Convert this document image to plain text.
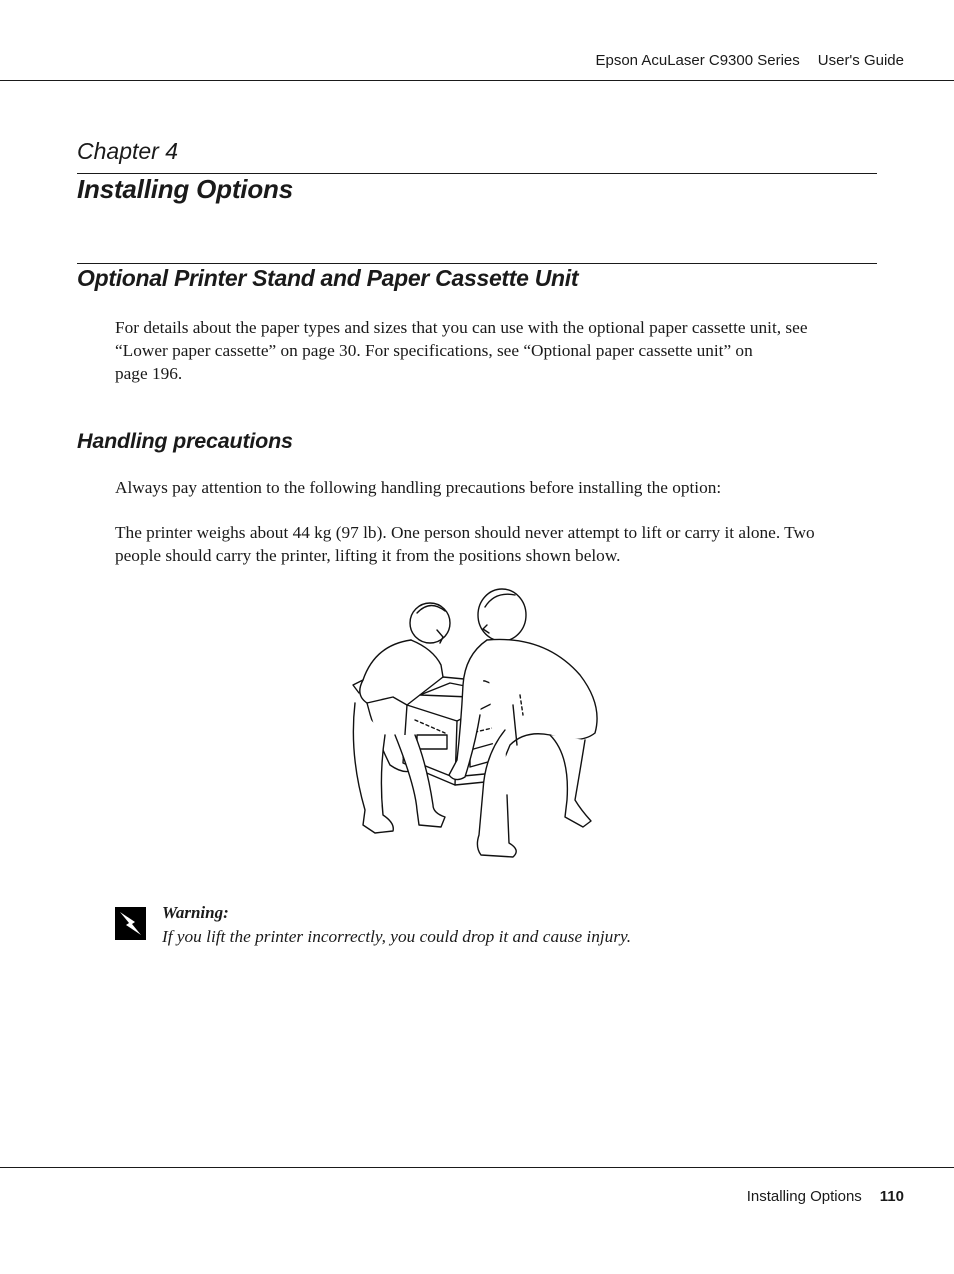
Epson AcuLaser C9300 Series User's Guide
Chapter 4
Installing Options
Optional Printer Stand and Paper Cassette Unit
For details about the paper types and sizes that you can use with the optional paper cassette unit, see
“Lower paper cassette” on page 30. For specifications, see “Optional paper cassette unit” on
page 196.
Handling precautions
Always pay attention to the following handling precautions before installing the option:
The printer weighs about 44 kg (97 lb). One person should never attempt to lift or carry it alone. Two
people should carry the printer, lifting it from the positions shown below.
Warning:
If you lift the printer incorrectly, you could drop it and cause injury.
Installing Options 110
